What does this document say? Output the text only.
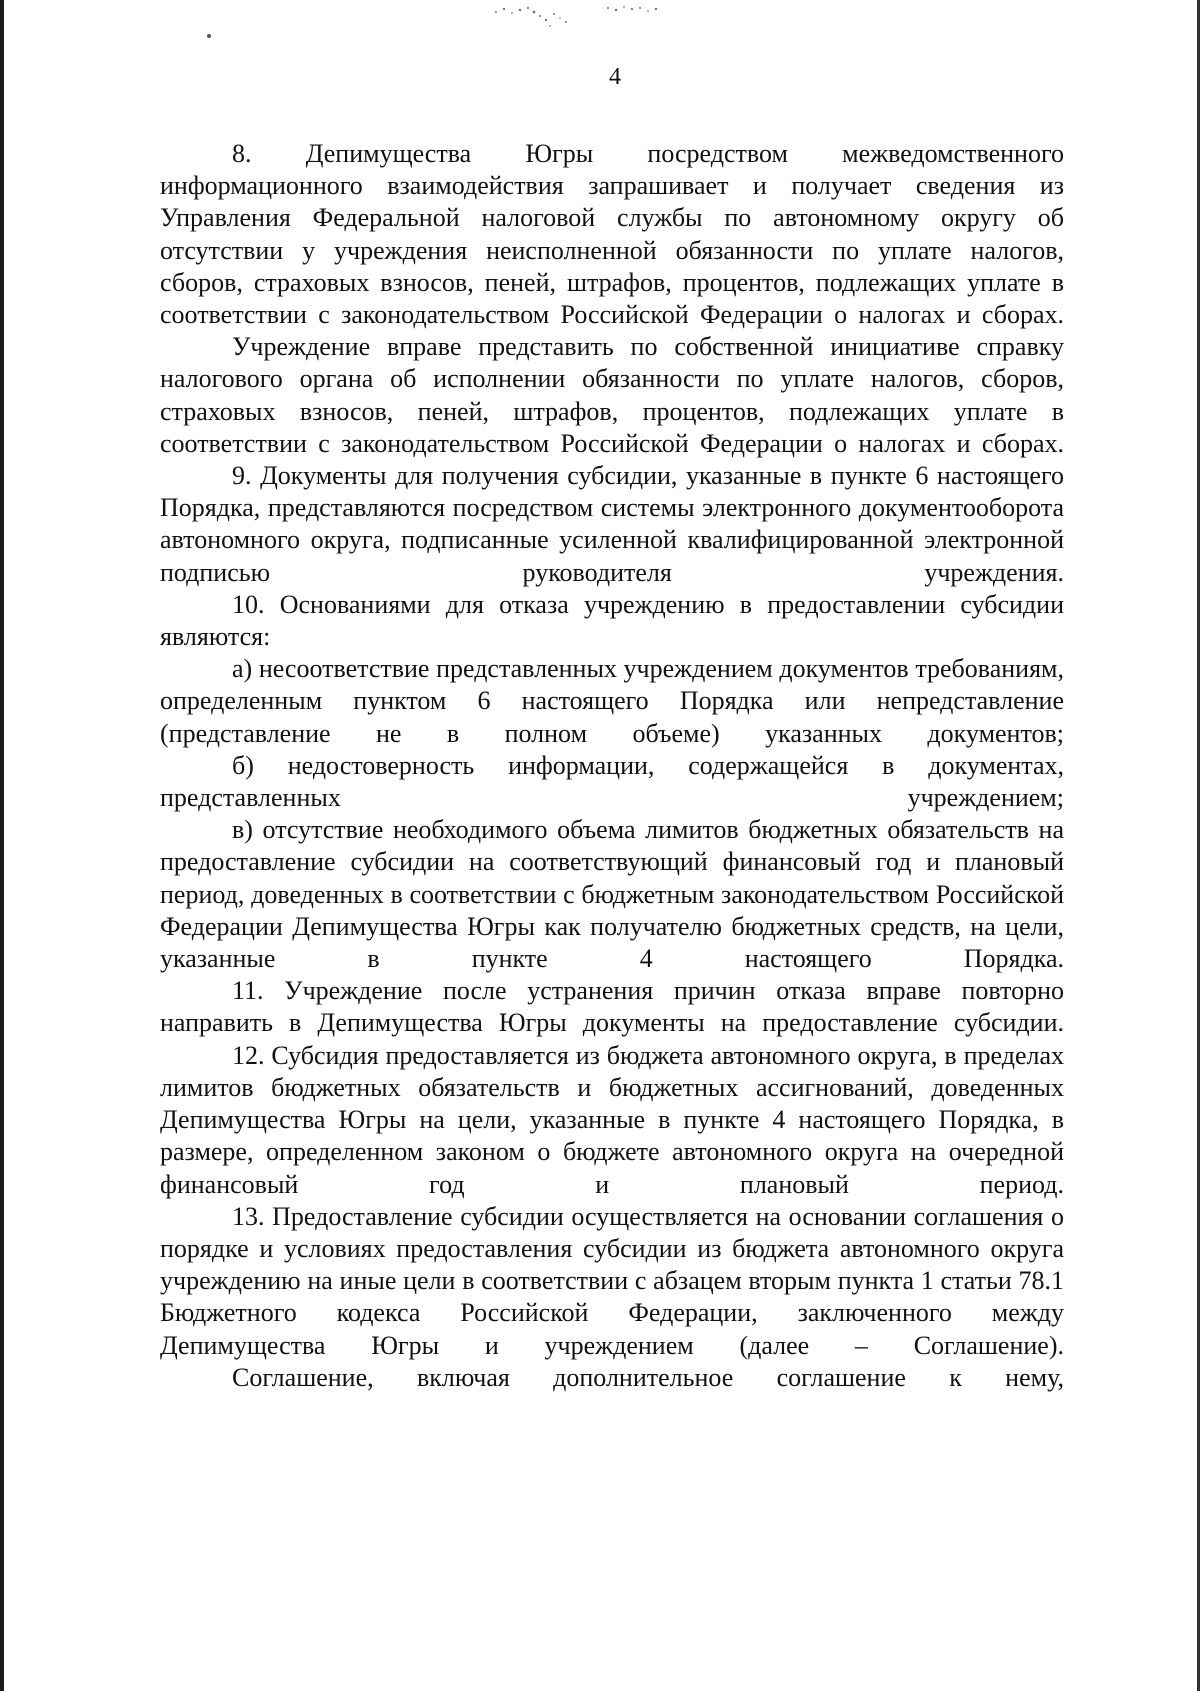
4

8. Депимущества Югры посредством межведомственного информационного взаимодействия запрашивает и получает сведения из Управления Федеральной налоговой службы по автономному округу об отсутствии у учреждения неисполненной обязанности по уплате налогов, сборов, страховых взносов, пеней, штрафов, процентов, подлежащих уплате в соответствии с законодательством Российской Федерации о налогах и сборах.

Учреждение вправе представить по собственной инициативе справку налогового органа об исполнении обязанности по уплате налогов, сборов, страховых взносов, пеней, штрафов, процентов, подлежащих уплате в соответствии с законодательством Российской Федерации о налогах и сборах.

9. Документы для получения субсидии, указанные в пункте 6 настоящего Порядка, представляются посредством системы электронного документооборота автономного округа, подписанные усиленной квалифицированной электронной подписью руководителя учреждения.

10. Основаниями для отказа учреждению в предоставлении субсидии являются:

а) несоответствие представленных учреждением документов требованиям, определенным пунктом 6 настоящего Порядка или непредставление (представление не в полном объеме) указанных документов;

б) недостоверность информации, содержащейся в документах, представленных учреждением;

в) отсутствие необходимого объема лимитов бюджетных обязательств на предоставление субсидии на соответствующий финансовый год и плановый период, доведенных в соответствии с бюджетным законодательством Российской Федерации Депимущества Югры как получателю бюджетных средств, на цели, указанные в пункте 4 настоящего Порядка.

11. Учреждение после устранения причин отказа вправе повторно направить в Депимущества Югры документы на предоставление субсидии.

12. Субсидия предоставляется из бюджета автономного округа, в пределах лимитов бюджетных обязательств и бюджетных ассигнований, доведенных Депимущества Югры на цели, указанные в пункте 4 настоящего Порядка, в размере, определенном законом о бюджете автономного округа на очередной финансовый год и плановый период.

13. Предоставление субсидии осуществляется на основании соглашения о порядке и условиях предоставления субсидии из бюджета автономного округа учреждению на иные цели в соответствии с абзацем вторым пункта 1 статьи 78.1 Бюджетного кодекса Российской Федерации, заключенного между Депимущества Югры и учреждением (далее – Соглашение).

Соглашение, включая дополнительное соглашение к нему,
